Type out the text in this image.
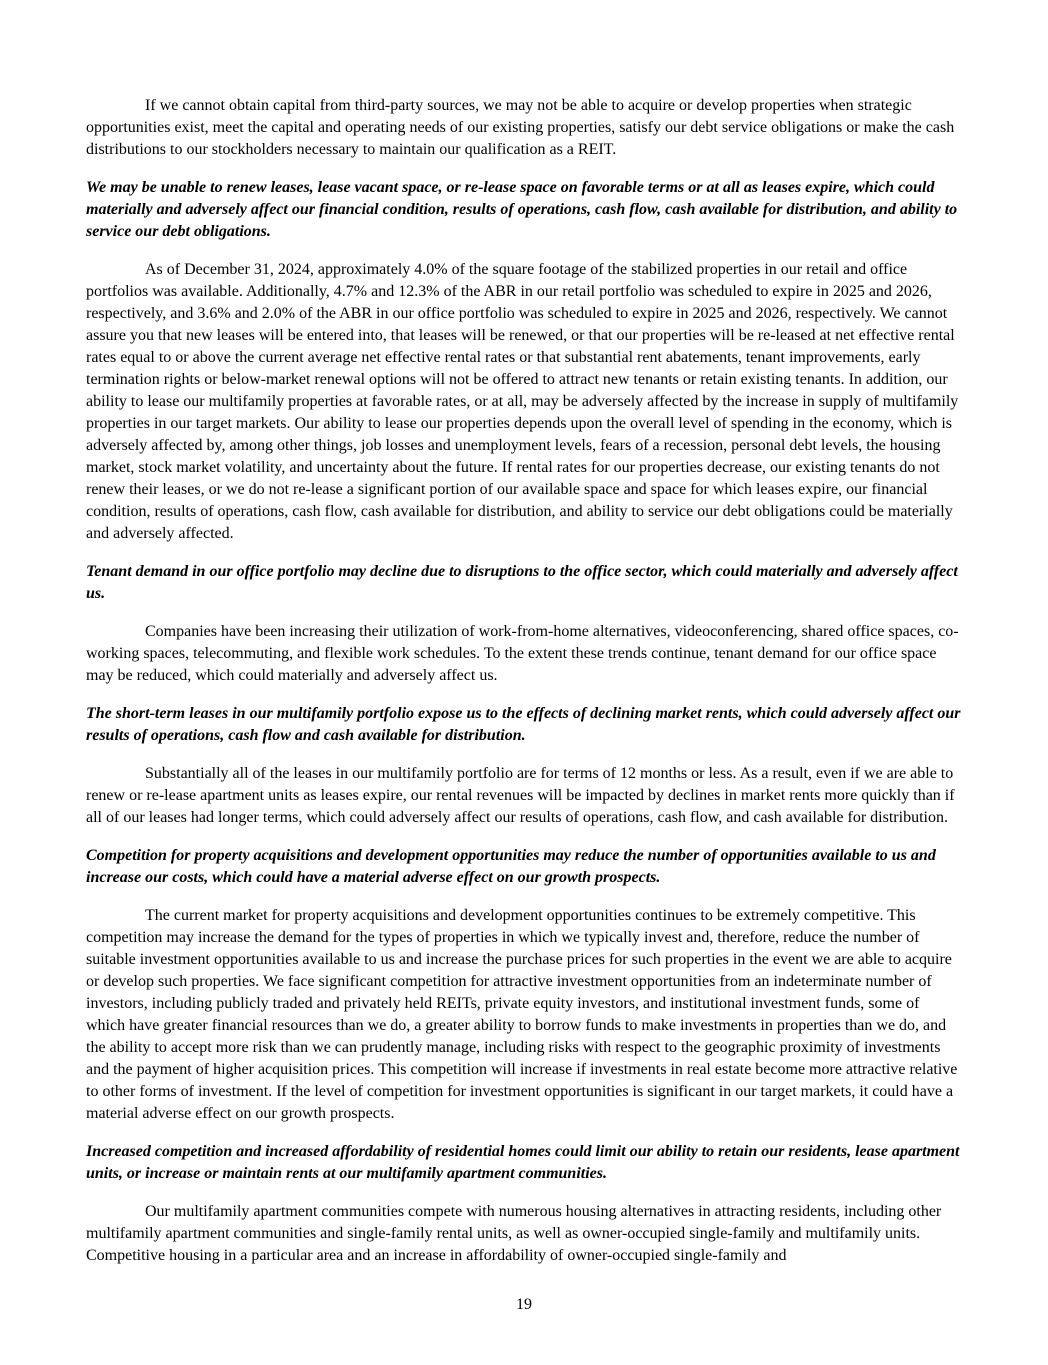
If we cannot obtain capital from third-party sources, we may not be able to acquire or develop properties when strategic opportunities exist, meet the capital and operating needs of our existing properties, satisfy our debt service obligations or make the cash distributions to our stockholders necessary to maintain our qualification as a REIT.

We may be unable to renew leases, lease vacant space, or re-lease space on favorable terms or at all as leases expire, which could materially and adversely affect our financial condition, results of operations, cash flow, cash available for distribution, and ability to service our debt obligations.

As of December 31, 2024, approximately 4.0% of the square footage of the stabilized properties in our retail and office portfolios was available. Additionally, 4.7% and 12.3% of the ABR in our retail portfolio was scheduled to expire in 2025 and 2026, respectively, and 3.6% and 2.0% of the ABR in our office portfolio was scheduled to expire in 2025 and 2026, respectively. We cannot assure you that new leases will be entered into, that leases will be renewed, or that our properties will be re-leased at net effective rental rates equal to or above the current average net effective rental rates or that substantial rent abatements, tenant improvements, early termination rights or below-market renewal options will not be offered to attract new tenants or retain existing tenants. In addition, our ability to lease our multifamily properties at favorable rates, or at all, may be adversely affected by the increase in supply of multifamily properties in our target markets. Our ability to lease our properties depends upon the overall level of spending in the economy, which is adversely affected by, among other things, job losses and unemployment levels, fears of a recession, personal debt levels, the housing market, stock market volatility, and uncertainty about the future. If rental rates for our properties decrease, our existing tenants do not renew their leases, or we do not re-lease a significant portion of our available space and space for which leases expire, our financial condition, results of operations, cash flow, cash available for distribution, and ability to service our debt obligations could be materially and adversely affected.

Tenant demand in our office portfolio may decline due to disruptions to the office sector, which could materially and adversely affect us.

Companies have been increasing their utilization of work-from-home alternatives, videoconferencing, shared office spaces, co-working spaces, telecommuting, and flexible work schedules. To the extent these trends continue, tenant demand for our office space may be reduced, which could materially and adversely affect us.

The short-term leases in our multifamily portfolio expose us to the effects of declining market rents, which could adversely affect our results of operations, cash flow and cash available for distribution.

Substantially all of the leases in our multifamily portfolio are for terms of 12 months or less. As a result, even if we are able to renew or re-lease apartment units as leases expire, our rental revenues will be impacted by declines in market rents more quickly than if all of our leases had longer terms, which could adversely affect our results of operations, cash flow, and cash available for distribution.

Competition for property acquisitions and development opportunities may reduce the number of opportunities available to us and increase our costs, which could have a material adverse effect on our growth prospects.

The current market for property acquisitions and development opportunities continues to be extremely competitive. This competition may increase the demand for the types of properties in which we typically invest and, therefore, reduce the number of suitable investment opportunities available to us and increase the purchase prices for such properties in the event we are able to acquire or develop such properties. We face significant competition for attractive investment opportunities from an indeterminate number of investors, including publicly traded and privately held REITs, private equity investors, and institutional investment funds, some of which have greater financial resources than we do, a greater ability to borrow funds to make investments in properties than we do, and the ability to accept more risk than we can prudently manage, including risks with respect to the geographic proximity of investments and the payment of higher acquisition prices. This competition will increase if investments in real estate become more attractive relative to other forms of investment. If the level of competition for investment opportunities is significant in our target markets, it could have a material adverse effect on our growth prospects.

Increased competition and increased affordability of residential homes could limit our ability to retain our residents, lease apartment units, or increase or maintain rents at our multifamily apartment communities.

Our multifamily apartment communities compete with numerous housing alternatives in attracting residents, including other multifamily apartment communities and single-family rental units, as well as owner-occupied single-family and multifamily units. Competitive housing in a particular area and an increase in affordability of owner-occupied single-family and

19
